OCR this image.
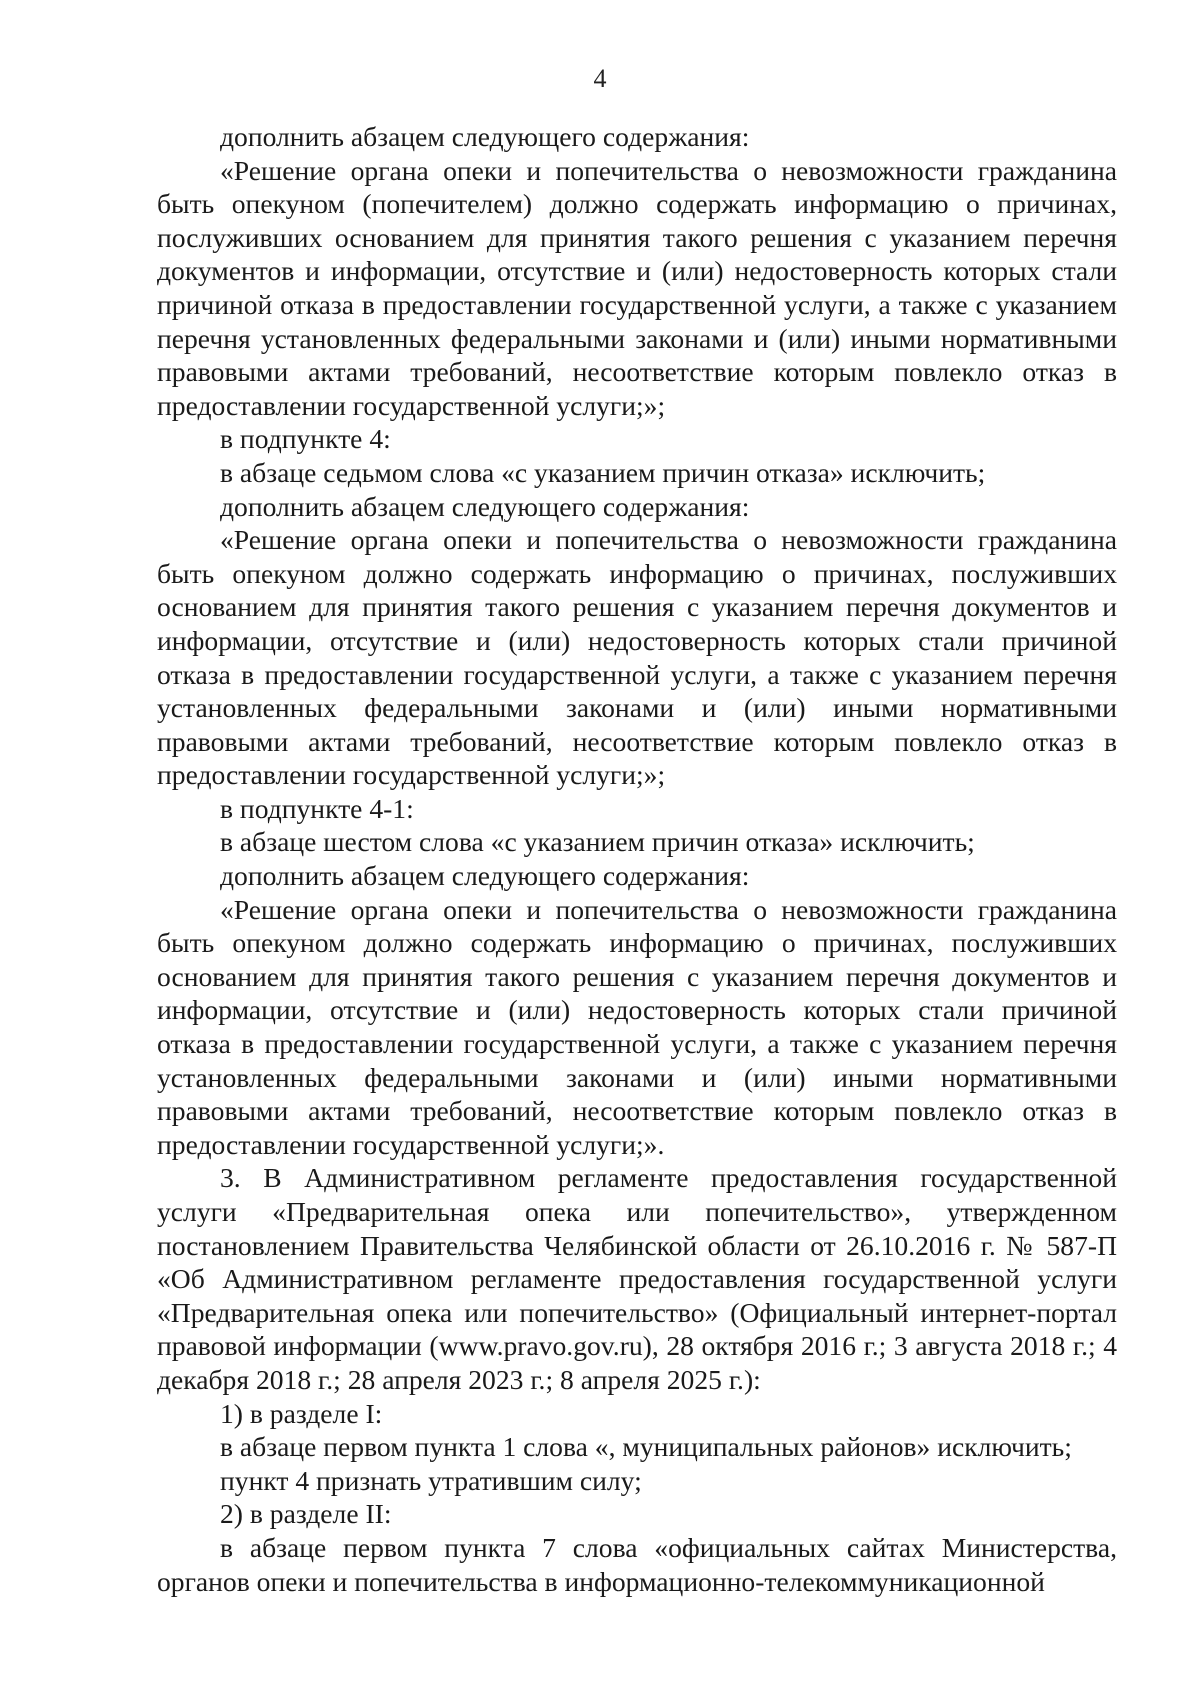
4

дополнить абзацем следующего содержания:

«Решение органа опеки и попечительства о невозможности гражданина быть опекуном (попечителем) должно содержать информацию о причинах, послуживших основанием для принятия такого решения с указанием перечня документов и информации, отсутствие и (или) недостоверность которых стали причиной отказа в предоставлении государственной услуги, а также с указанием перечня установленных федеральными законами и (или) иными нормативными правовыми актами требований, несоответствие которым повлекло отказ в предоставлении государственной услуги;»;

в подпункте 4:

в абзаце седьмом слова «с указанием причин отказа» исключить;

дополнить абзацем следующего содержания:

«Решение органа опеки и попечительства о невозможности гражданина быть опекуном должно содержать информацию о причинах, послуживших основанием для принятия такого решения с указанием перечня документов и информации, отсутствие и (или) недостоверность которых стали причиной отказа в предоставлении государственной услуги, а также с указанием перечня установленных федеральными законами и (или) иными нормативными правовыми актами требований, несоответствие которым повлекло отказ в предоставлении государственной услуги;»;

в подпункте 4-1:

в абзаце шестом слова «с указанием причин отказа» исключить;

дополнить абзацем следующего содержания:

«Решение органа опеки и попечительства о невозможности гражданина быть опекуном должно содержать информацию о причинах, послуживших основанием для принятия такого решения с указанием перечня документов и информации, отсутствие и (или) недостоверность которых стали причиной отказа в предоставлении государственной услуги, а также с указанием перечня установленных федеральными законами и (или) иными нормативными правовыми актами требований, несоответствие которым повлекло отказ в предоставлении государственной услуги;».

3. В Административном регламенте предоставления государственной услуги «Предварительная опека или попечительство», утвержденном постановлением Правительства Челябинской области от 26.10.2016 г. № 587-П «Об Административном регламенте предоставления государственной услуги «Предварительная опека или попечительство» (Официальный интернет-портал правовой информации (www.pravo.gov.ru), 28 октября 2016 г.; 3 августа 2018 г.; 4 декабря 2018 г.; 28 апреля 2023 г.; 8 апреля 2025 г.):

1) в разделе I:

в абзаце первом пункта 1 слова «, муниципальных районов» исключить;

пункт 4 признать утратившим силу;

2) в разделе II:

в абзаце первом пункта 7 слова «официальных сайтах Министерства, органов опеки и попечительства в информационно-телекоммуникационной
